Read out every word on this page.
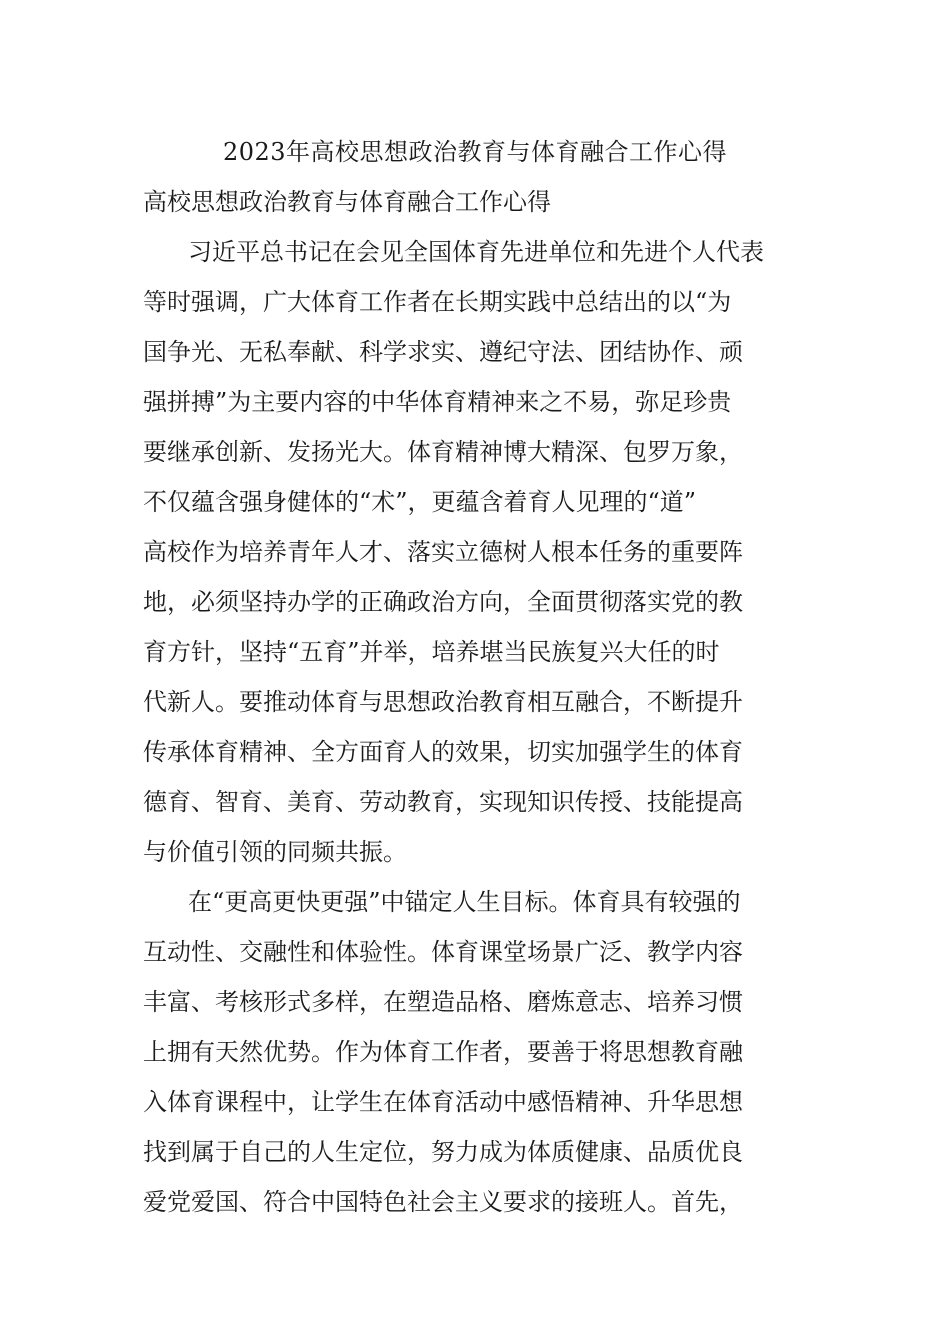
2023年高校思想政治教育与体育融合工作心得
高校思想政治教育与体育融合工作心得
习近平总书记在会见全国体育先进单位和先进个人代表
等时强调，广大体育工作者在长期实践中总结出的以“为
国争光、无私奉献、科学求实、遵纪守法、团结协作、顽
强拼搏”为主要内容的中华体育精神来之不易，弥足珍贵
要继承创新、发扬光大。体育精神博大精深、包罗万象，
不仅蕴含强身健体的“术”，更蕴含着育人见理的“道”
高校作为培养青年人才、落实立德树人根本任务的重要阵
地，必须坚持办学的正确政治方向，全面贯彻落实党的教
育方针，坚持“五育”并举，培养堪当民族复兴大任的时
代新人。要推动体育与思想政治教育相互融合，不断提升
传承体育精神、全方面育人的效果，切实加强学生的体育
德育、智育、美育、劳动教育，实现知识传授、技能提高
与价值引领的同频共振。
在“更高更快更强”中锚定人生目标。体育具有较强的
互动性、交融性和体验性。体育课堂场景广泛、教学内容
丰富、考核形式多样，在塑造品格、磨炼意志、培养习惯
上拥有天然优势。作为体育工作者，要善于将思想教育融
入体育课程中，让学生在体育活动中感悟精神、升华思想
找到属于自己的人生定位，努力成为体质健康、品质优良
爱党爱国、符合中国特色社会主义要求的接班人。首先，
